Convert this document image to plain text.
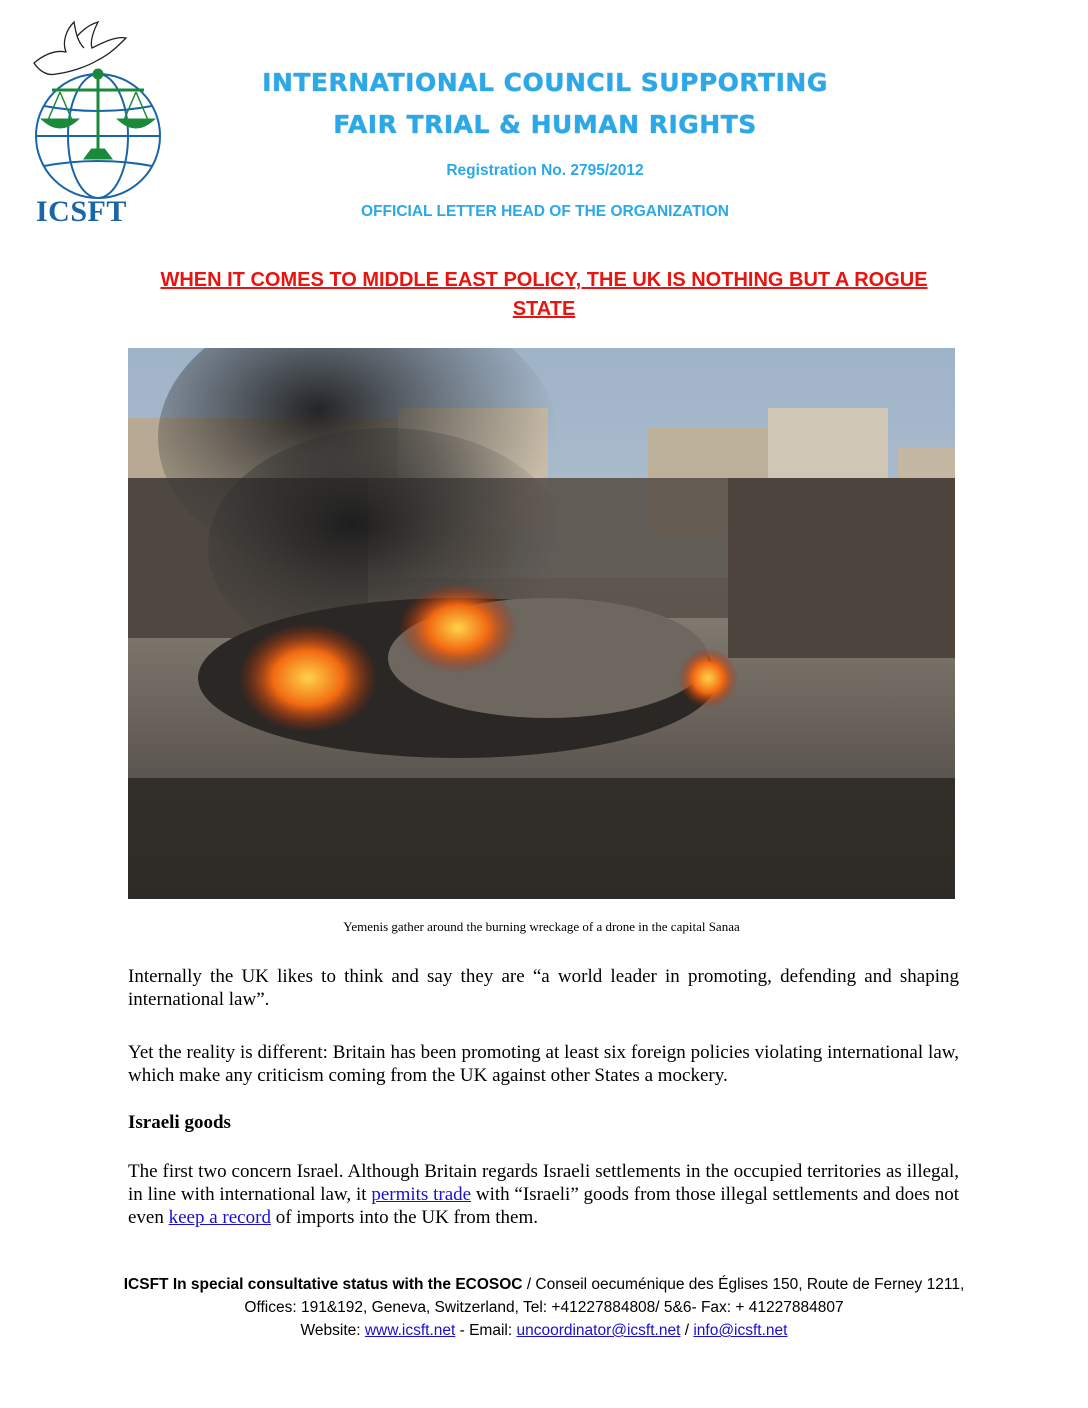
ICSFT
INTERNATIONAL COUNCIL SUPPORTING
FAIR TRIAL & HUMAN RIGHTS
Registration No. 2795/2012
OFFICIAL LETTER HEAD OF THE ORGANIZATION
WHEN IT COMES TO MIDDLE EAST POLICY, THE UK IS NOTHING BUT A ROGUE STATE
Yemenis gather around the burning wreckage of a drone in the capital Sanaa
Internally the UK likes to think and say they are “a world leader in promoting, defending and shaping international law”.
Yet the reality is different: Britain has been promoting at least six foreign policies violating international law, which make any criticism coming from the UK against other States a mockery.
Israeli goods
The first two concern Israel. Although Britain regards Israeli settlements in the occupied territories as illegal, in line with international law, it permits trade with “Israeli” goods from those illegal settlements and does not even keep a record of imports into the UK from them.
ICSFT In special consultative status with the ECOSOC / Conseil oecuménique des Églises 150, Route de Ferney 1211, Offices: 191&192, Geneva, Switzerland, Tel: +41227884808/ 5&6- Fax: + 41227884807
Website: www.icsft.net - Email: uncoordinator@icsft.net / info@icsft.net
